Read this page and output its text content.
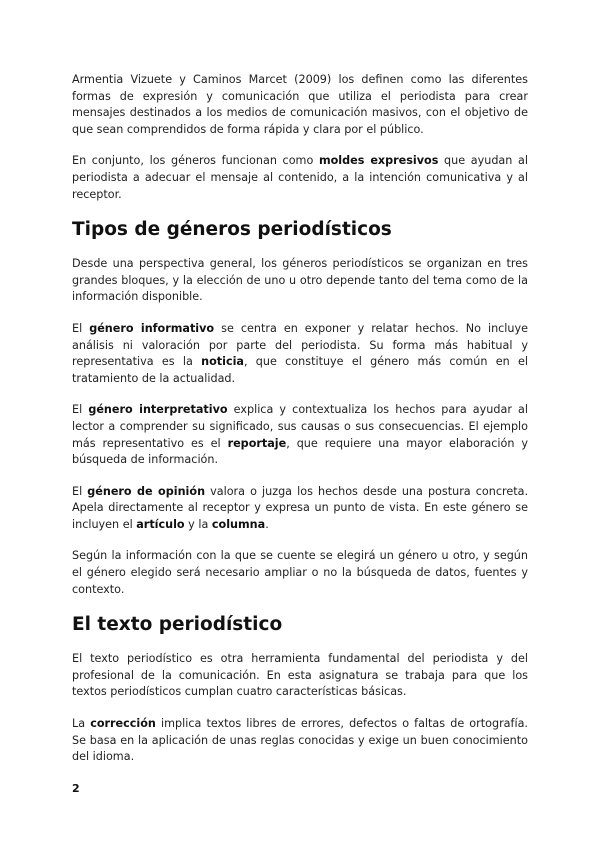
Armentia Vizuete y Caminos Marcet (2009) los definen como las diferentes formas de expresión y comunicación que utiliza el periodista para crear mensajes destinados a los medios de comunicación masivos, con el objetivo de que sean comprendidos de forma rápida y clara por el público.

En conjunto, los géneros funcionan como moldes expresivos que ayudan al periodista a adecuar el mensaje al contenido, a la intención comunicativa y al receptor.

Tipos de géneros periodísticos

Desde una perspectiva general, los géneros periodísticos se organizan en tres grandes bloques, y la elección de uno u otro depende tanto del tema como de la información disponible.

El género informativo se centra en exponer y relatar hechos. No incluye análisis ni valoración por parte del periodista. Su forma más habitual y representativa es la noticia, que constituye el género más común en el tratamiento de la actualidad.

El género interpretativo explica y contextualiza los hechos para ayudar al lector a comprender su significado, sus causas o sus consecuencias. El ejemplo más representativo es el reportaje, que requiere una mayor elaboración y búsqueda de información.

El género de opinión valora o juzga los hechos desde una postura concreta. Apela directamente al receptor y expresa un punto de vista. En este género se incluyen el artículo y la columna.

Según la información con la que se cuente se elegirá un género u otro, y según el género elegido será necesario ampliar o no la búsqueda de datos, fuentes y contexto.

El texto periodístico

El texto periodístico es otra herramienta fundamental del periodista y del profesional de la comunicación. En esta asignatura se trabaja para que los textos periodísticos cumplan cuatro características básicas.

La corrección implica textos libres de errores, defectos o faltas de ortografía. Se basa en la aplicación de unas reglas conocidas y exige un buen conocimiento del idioma.

2
